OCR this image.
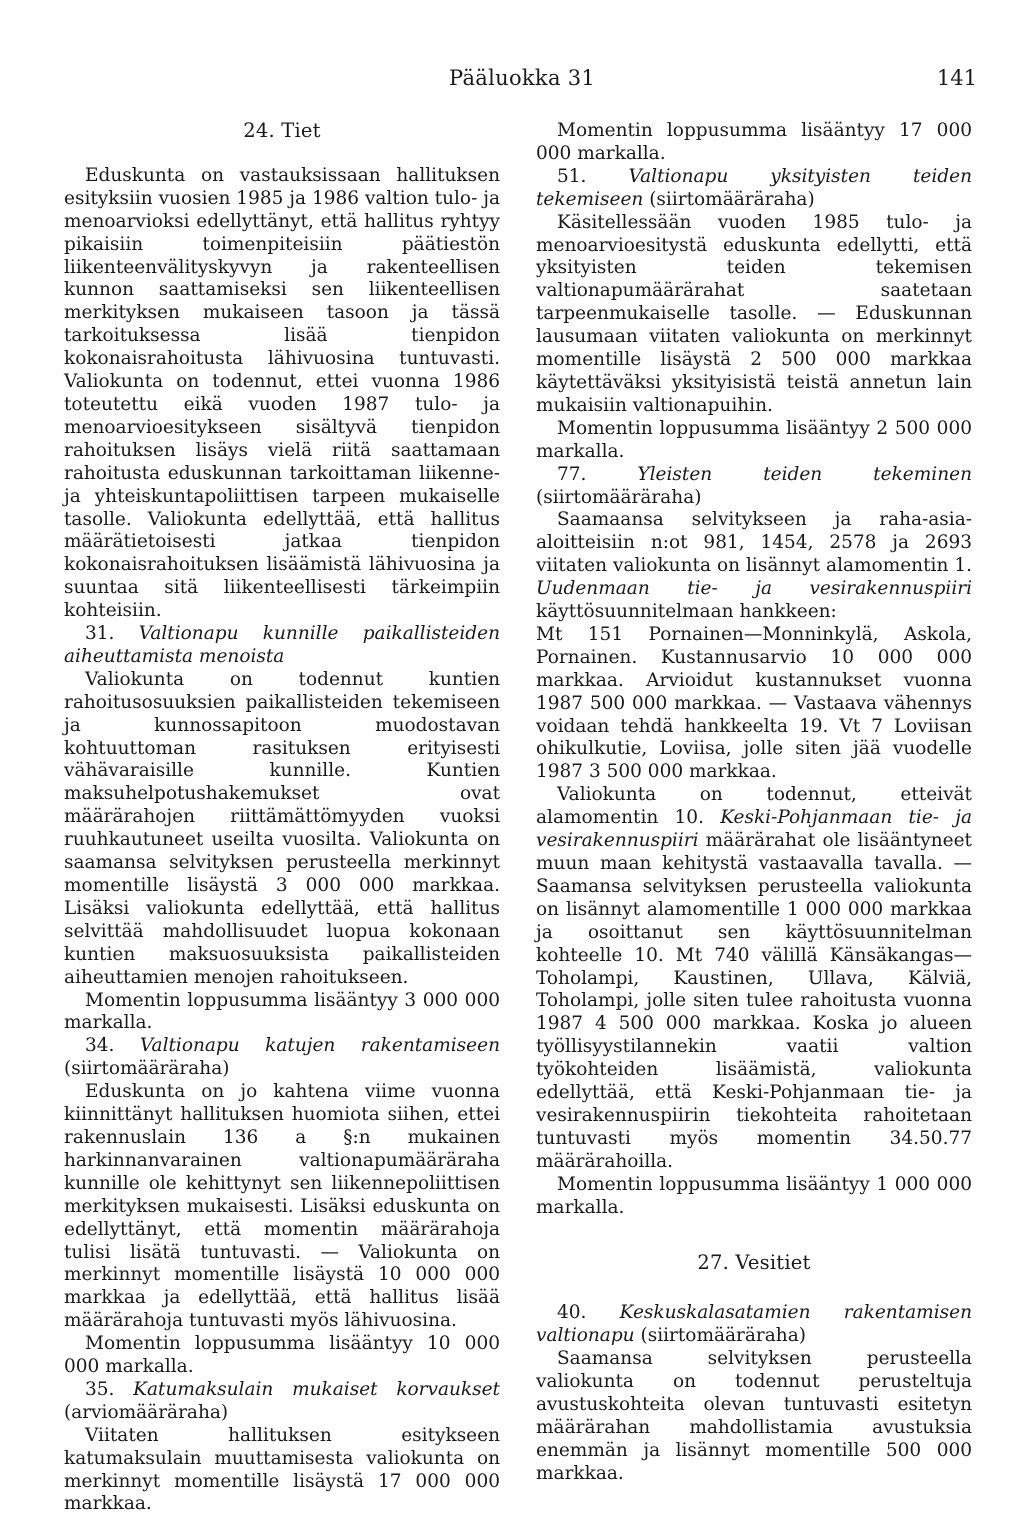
Pääluokka 31	141
24. Tiet

Eduskunta on vastauksissaan hallituksen esityksiin vuosien 1985 ja 1986 valtion tulo- ja menoarvioksi edellyttänyt, että hallitus ryhtyy pikaisiin toimenpiteisiin päätiestön liikenteenvälityskyvyn ja rakenteellisen kunnon saattamiseksi sen liikenteellisen merkityksen mukaiseen tasoon ja tässä tarkoituksessa lisää tienpidon kokonaisrahoitusta lähivuosina tuntuvasti. Valiokunta on todennut, ettei vuonna 1986 toteutettu eikä vuoden 1987 tulo- ja menoarvioesitykseen sisältyvä tienpidon rahoituksen lisäys vielä riitä saattamaan rahoitusta eduskunnan tarkoittaman liikenne- ja yhteiskuntapoliittisen tarpeen mukaiselle tasolle. Valiokunta edellyttää, että hallitus määrätietoisesti jatkaa tienpidon kokonaisrahoituksen lisäämistä lähivuosina ja suuntaa sitä liikenteellisesti tärkeimpiin kohteisiin.

31. Valtionapu kunnille paikallisteiden aiheuttamista menoista

Valiokunta on todennut kuntien rahoitusosuuksien paikallisteiden tekemiseen ja kunnossapitoon muodostavan kohtuuttoman rasituksen erityisesti vähävaraisille kunnille. Kuntien maksuhelpotushakemukset ovat määrärahojen riittämättömyyden vuoksi ruuhkautuneet useilta vuosilta. Valiokunta on saamansa selvityksen perusteella merkinnyt momentille lisäystä 3 000 000 markkaa. Lisäksi valiokunta edellyttää, että hallitus selvittää mahdollisuudet luopua kokonaan kuntien maksuosuuksista paikallisteiden aiheuttamien menojen rahoitukseen.

Momentin loppusumma lisääntyy 3 000 000 markalla.

34. Valtionapu katujen rakentamiseen (siirtomääräraha)

Eduskunta on jo kahtena viime vuonna kiinnittänyt hallituksen huomiota siihen, ettei rakennuslain 136 a §:n mukainen harkinnanvarainen valtionapumääräraha kunnille ole kehittynyt sen liikennepoliittisen merkityksen mukaisesti. Lisäksi eduskunta on edellyttänyt, että momentin määrärahoja tulisi lisätä tuntuvasti. — Valiokunta on merkinnyt momentille lisäystä 10 000 000 markkaa ja edellyttää, että hallitus lisää määrärahoja tuntuvasti myös lähivuosina.

Momentin loppusumma lisääntyy 10 000 000 markalla.

35. Katumaksulain mukaiset korvaukset (arviomääräraha)

Viitaten hallituksen esitykseen katumaksulain muuttamisesta valiokunta on merkinnyt momentille lisäystä 17 000 000 markkaa.

Momentin loppusumma lisääntyy 17 000 000 markalla.

51. Valtionapu yksityisten teiden tekemiseen (siirtomääräraha)

Käsitellessään vuoden 1985 tulo- ja menoarvioesitystä eduskunta edellytti, että yksityisten teiden tekemisen valtionapumäärärahat saatetaan tarpeenmukaiselle tasolle. — Eduskunnan lausumaan viitaten valiokunta on merkinnyt momentille lisäystä 2 500 000 markkaa käytettäväksi yksityisistä teistä annetun lain mukaisiin valtionapuihin.

Momentin loppusumma lisääntyy 2 500 000 markalla.

77.	Yleisten teiden tekeminen (siirtomääräraha)

Saamaansa selvitykseen ja raha-asia-aloitteisiin n:ot 981, 1454, 2578 ja 2693 viitaten valiokunta on lisännyt alamomentin 1. Uudenmaan tie- ja vesirakennuspiiri käyttösuunnitelmaan hankkeen:

Mt 151 Pornainen—Monninkylä, Askola, Pornainen. Kustannusarvio 10 000 000 markkaa. Arvioidut kustannukset vuonna 1987 500 000 markkaa. — Vastaava vähennys voidaan tehdä hankkeelta 19. Vt 7 Loviisan ohikulkutie, Loviisa, jolle siten jää vuodelle 1987 3 500 000 markkaa.

Valiokunta on todennut, etteivät alamomentin 10. Keski-Pohjanmaan tie- ja vesirakennuspiiri määrärahat ole lisääntyneet muun maan kehitystä vastaavalla tavalla. — Saamansa selvityksen perusteella valiokunta on lisännyt alamomentille 1 000 000 markkaa ja osoittanut sen käyttösuunnitelman kohteelle 10. Mt 740 välillä Känsäkangas—Toholampi, Kaustinen, Ullava, Kälviä, Toholampi, jolle siten tulee rahoitusta vuonna 1987 4 500 000 markkaa. Koska jo alueen työllisyystilannekin vaatii valtion työkohteiden lisäämistä, valiokunta edellyttää, että Keski-Pohjanmaan tie- ja vesirakennuspiirin tiekohteita rahoitetaan tuntuvasti myös momentin 34.50.77 määrärahoilla.

Momentin loppusumma lisääntyy 1 000 000 markalla.

27. Vesitiet

40. Keskuskalasatamien rakentamisen valtionapu (siirtomääräraha)

Saamansa selvityksen perusteella valiokunta on todennut perusteltuja avustuskohteita olevan tuntuvasti esitetyn määrärahan mahdollistamia avustuksia enemmän ja lisännyt momentille 500 000 markkaa.
